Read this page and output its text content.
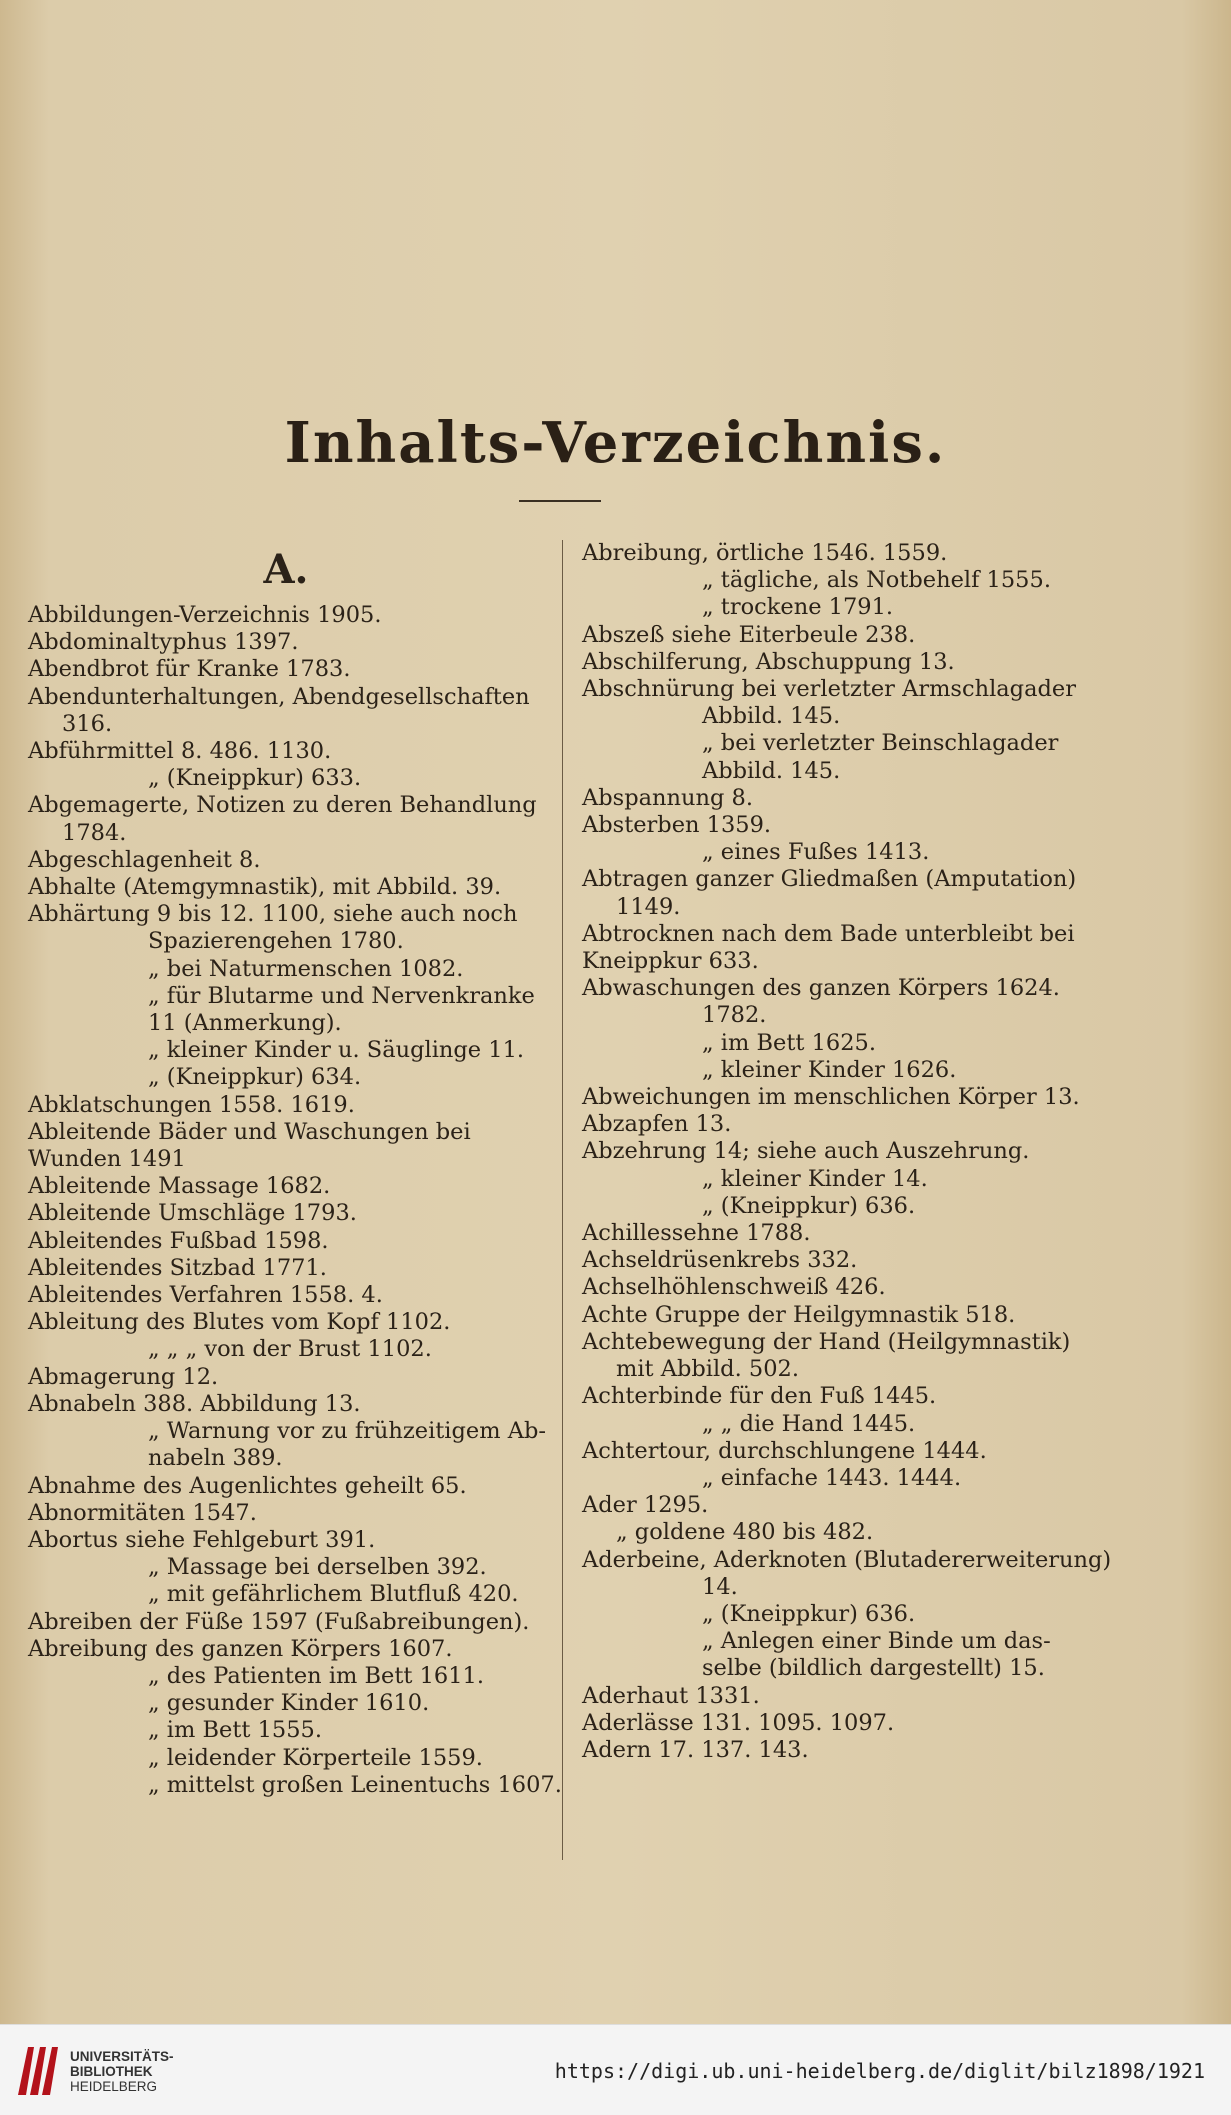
Inhalts-Verzeichnis.
A.
Abbildungen-Verzeichnis 1905.
Abdominaltyphus 1397.
Abendbrot für Kranke 1783.
Abendunterhaltungen, Abendgesellschaften
316.
Abführmittel 8. 486. 1130.
„ (Kneippkur) 633.
Abgemagerte, Notizen zu deren Behandlung
1784.
Abgeschlagenheit 8.
Abhalte (Atemgymnastik), mit Abbild. 39.
Abhärtung 9 bis 12. 1100, siehe auch noch
Spazierengehen 1780.
„ bei Naturmenschen 1082.
„ für Blutarme und Nervenkranke
11 (Anmerkung).
„ kleiner Kinder u. Säuglinge 11.
„ (Kneippkur) 634.
Abklatschungen 1558. 1619.
Ableitende Bäder und Waschungen bei
Wunden 1491
Ableitende Massage 1682.
Ableitende Umschläge 1793.
Ableitendes Fußbad 1598.
Ableitendes Sitzbad 1771.
Ableitendes Verfahren 1558. 4.
Ableitung des Blutes vom Kopf 1102.
„ „ „ von der Brust 1102.
Abmagerung 12.
Abnabeln 388. Abbildung 13.
„ Warnung vor zu frühzeitigem Ab-
nabeln 389.
Abnahme des Augenlichtes geheilt 65.
Abnormitäten 1547.
Abortus siehe Fehlgeburt 391.
„ Massage bei derselben 392.
„ mit gefährlichem Blutfluß 420.
Abreiben der Füße 1597 (Fußabreibungen).
Abreibung des ganzen Körpers 1607.
„ des Patienten im Bett 1611.
„ gesunder Kinder 1610.
„ im Bett 1555.
„ leidender Körperteile 1559.
„ mittelst großen Leinentuchs 1607.
Abreibung, örtliche 1546. 1559.
„ tägliche, als Notbehelf 1555.
„ trockene 1791.
Abszeß siehe Eiterbeule 238.
Abschilferung, Abschuppung 13.
Abschnürung bei verletzter Armschlagader
Abbild. 145.
„ bei verletzter Beinschlagader
Abbild. 145.
Abspannung 8.
Absterben 1359.
„ eines Fußes 1413.
Abtragen ganzer Gliedmaßen (Amputation)
1149.
Abtrocknen nach dem Bade unterbleibt bei
Kneippkur 633.
Abwaschungen des ganzen Körpers 1624.
1782.
„ im Bett 1625.
„ kleiner Kinder 1626.
Abweichungen im menschlichen Körper 13.
Abzapfen 13.
Abzehrung 14; siehe auch Auszehrung.
„ kleiner Kinder 14.
„ (Kneippkur) 636.
Achillessehne 1788.
Achseldrüsenkrebs 332.
Achselhöhlenschweiß 426.
Achte Gruppe der Heilgymnastik 518.
Achtebewegung der Hand (Heilgymnastik)
mit Abbild. 502.
Achterbinde für den Fuß 1445.
„ „ die Hand 1445.
Achtertour, durchschlungene 1444.
„ einfache 1443. 1444.
Ader 1295.
„ goldene 480 bis 482.
Aderbeine, Aderknoten (Blutadererweiterung)
14.
„ (Kneippkur) 636.
„ Anlegen einer Binde um das-
selbe (bildlich dargestellt) 15.
Aderhaut 1331.
Aderlässe 131. 1095. 1097.
Adern 17. 137. 143.
UNIVERSITÄTS-
BIBLIOTHEK
HEIDELBERG
https://digi.ub.uni-heidelberg.de/diglit/bilz1898/1921
